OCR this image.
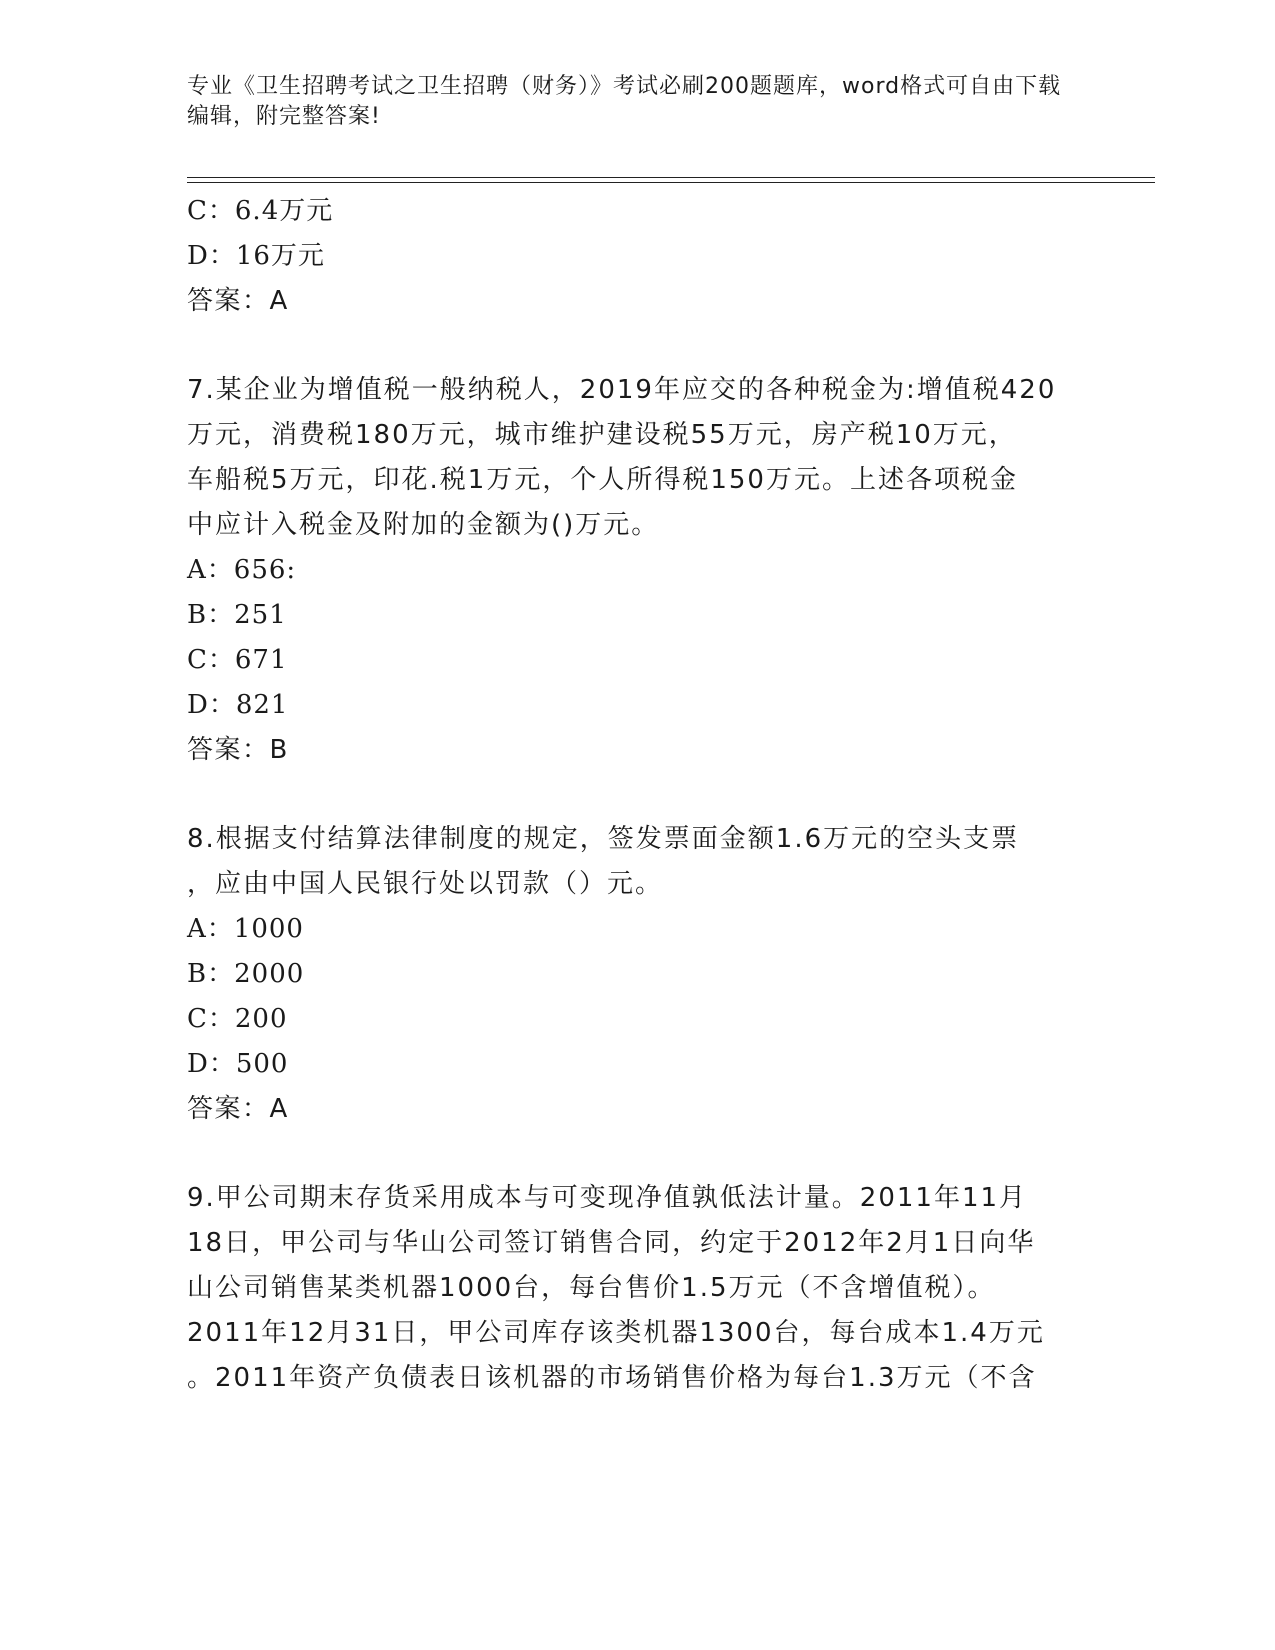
专业《卫生招聘考试之卫生招聘（财务）》考试必刷200题题库，word格式可自由下载编辑，附完整答案!
C：6.4万元
D：16万元
答案：A
7.某企业为增值税一般纳税人，2019年应交的各种税金为:增值税420
万元，消费税180万元，城市维护建设税55万元，房产税10万元，
车船税5万元，印花.税1万元，个人所得税150万元。上述各项税金
中应计入税金及附加的金额为()万元。
A：656:
B：251
C：671
D：821
答案：B
8.根据支付结算法律制度的规定，签发票面金额1.6万元的空头支票
，应由中国人民银行处以罚款（）元。
A：1000
B：2000
C：200
D：500
答案：A
9.甲公司期末存货采用成本与可变现净值孰低法计量。2011年11月
18日，甲公司与华山公司签订销售合同，约定于2012年2月1日向华
山公司销售某类机器1000台，每台售价1.5万元（不含增值税）。
2011年12月31日，甲公司库存该类机器1300台，每台成本1.4万元
。2011年资产负债表日该机器的市场销售价格为每台1.3万元（不含
